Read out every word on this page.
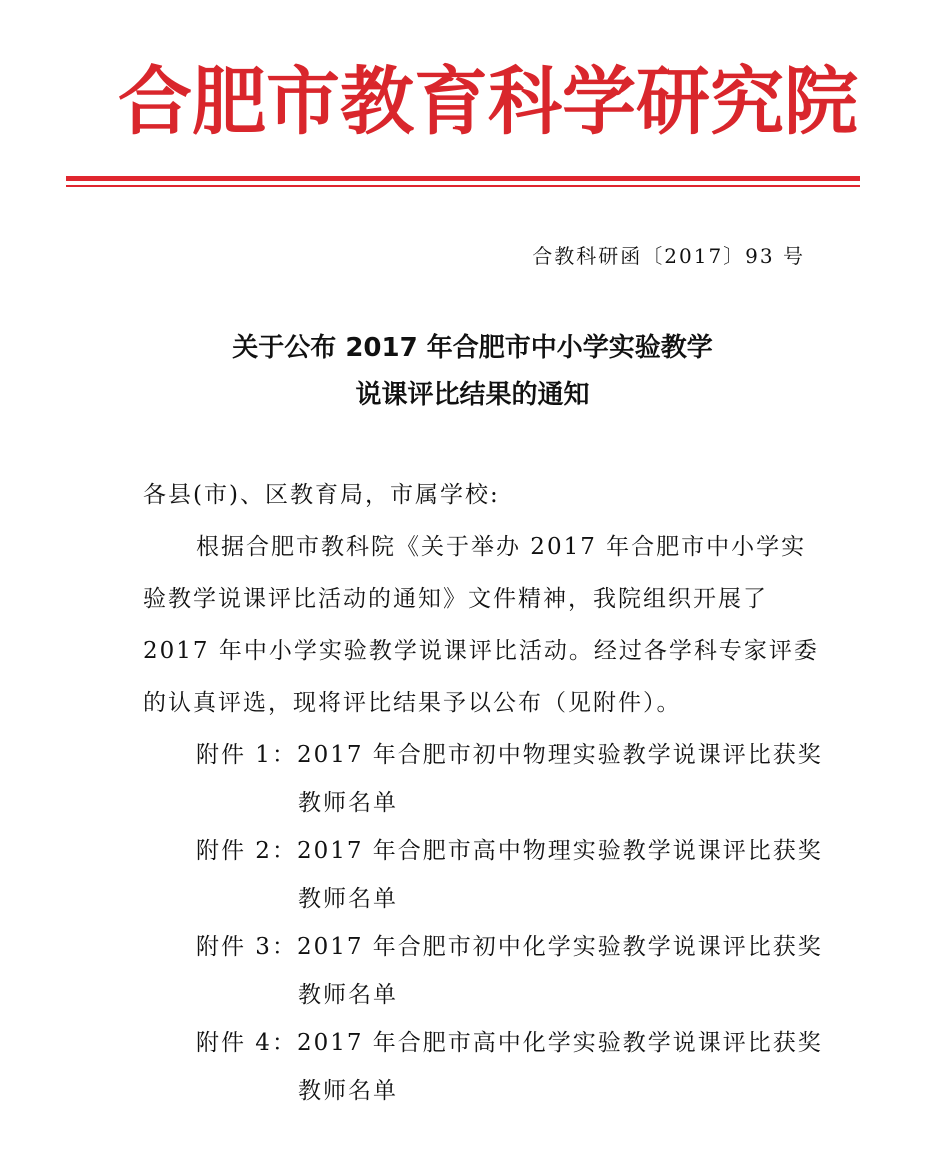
合 肥 市 教 育 科 学 研 究 院
合教科研函〔2017〕93 号
关于公布 2017 年合肥市中小学实验教学
说课评比结果的通知
各县(市)、区教育局，市属学校:
根据合肥市教科院《关于举办 2017 年合肥市中小学实
验教学说课评比活动的通知》文件精神，我院组织开展了
2017 年中小学实验教学说课评比活动。经过各学科专家评委
的认真评选，现将评比结果予以公布（见附件）。
附件 1：2017 年合肥市初中物理实验教学说课评比获奖
教师名单
附件 2：2017 年合肥市高中物理实验教学说课评比获奖
教师名单
附件 3：2017 年合肥市初中化学实验教学说课评比获奖
教师名单
附件 4：2017 年合肥市高中化学实验教学说课评比获奖
教师名单
